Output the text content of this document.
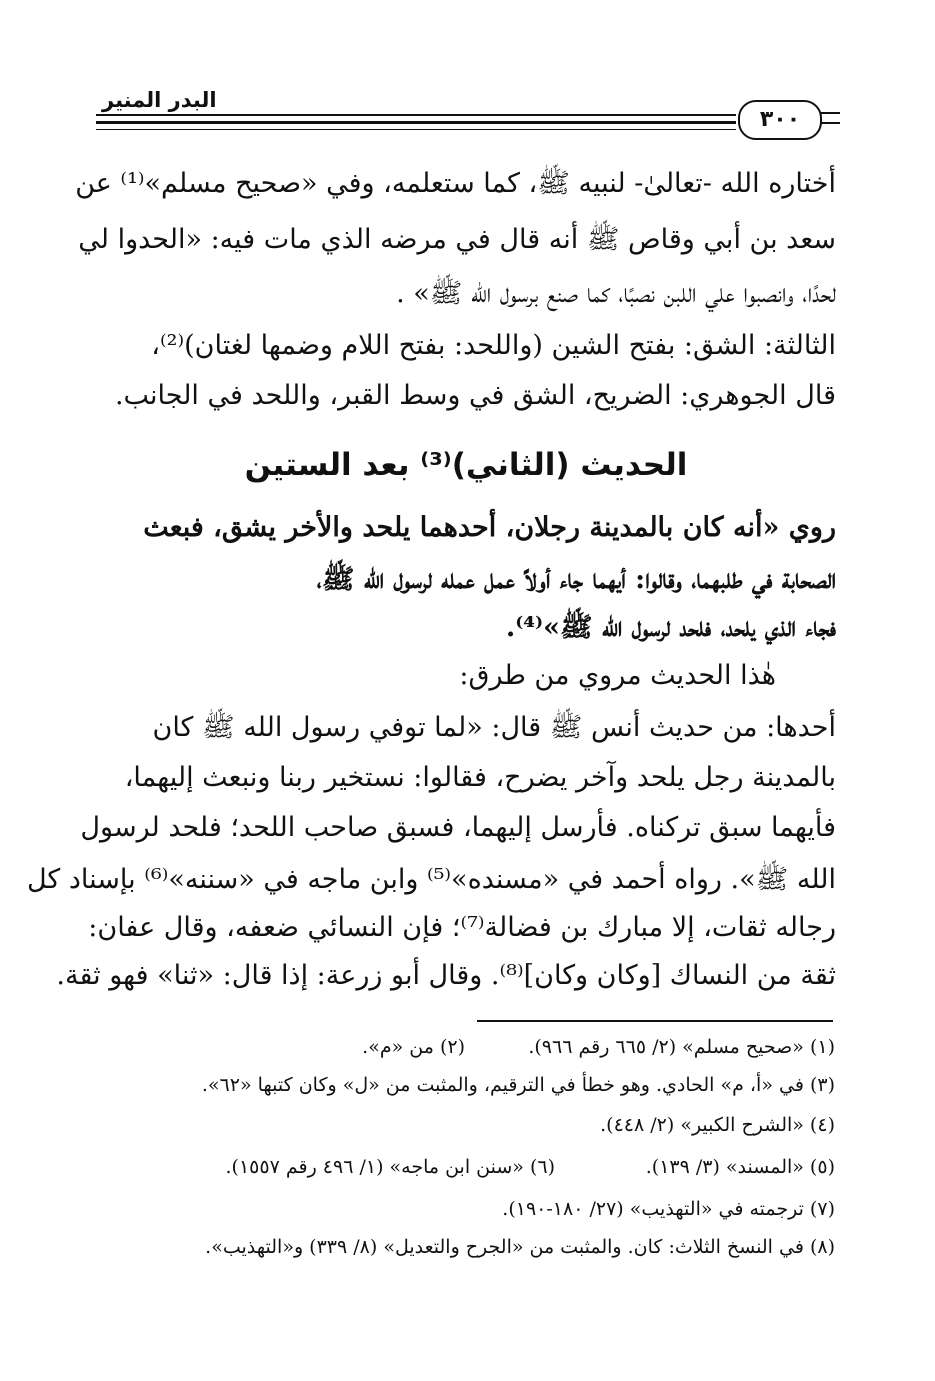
البدر المنير
٣٠٠
أختاره الله -تعالىٰ- لنبيه ﷺ، كما ستعلمه، وفي «صحيح مسلم»⁽¹⁾ عن
سعد بن أبي وقاص ﷺ أنه قال في مرضه الذي مات فيه: «الحدوا لي
لحدًا، وانصبوا علي اللبن نصبًا، كما صنع برسول الله ﷺ» .
الثالثة: الشق: بفتح الشين (واللحد: بفتح اللام وضمها لغتان)⁽²⁾،
قال الجوهري: الضريح، الشق في وسط القبر، واللحد في الجانب.
الحديث (الثاني)⁽³⁾ بعد الستين
روي «أنه كان بالمدينة رجلان، أحدهما يلحد والأخر يشق، فبعث
الصحابة في طلبهما، وقالوا: أيهما جاء أولاً عمل عمله لرسول الله ﷺ،
فجاء الذي يلحد، فلحد لرسول الله ﷺ»⁽⁴⁾.
هٰذا الحديث مروي من طرق:
أحدها: من حديث أنس ﷺ قال: «لما توفي رسول الله ﷺ كان
بالمدينة رجل يلحد وآخر يضرح، فقالوا: نستخير ربنا ونبعث إليهما،
فأيهما سبق تركناه. فأرسل إليهما، فسبق صاحب اللحد؛ فلحد لرسول
الله ﷺ». رواه أحمد في «مسنده»⁽⁵⁾ وابن ماجه في «سننه»⁽⁶⁾ بإسناد كل
رجاله ثقات، إلا مبارك بن فضالة⁽⁷⁾؛ فإن النسائي ضعفه، وقال عفان:
ثقة من النساك [وكان وكان]⁽⁸⁾. وقال أبو زرعة: إذا قال: «ثنا» فهو ثقة.
(١) «صحيح مسلم» (٢/ ٦٦٥ رقم ٩٦٦).
(٢) من «م».
(٣) في «أ، م» الحادي. وهو خطأ في الترقيم، والمثبت من «ل» وكان كتبها «٦٢».
(٤) «الشرح الكبير» (٢/ ٤٤٨).
(٥) «المسند» (٣/ ١٣٩).
(٦) «سنن ابن ماجه» (١/ ٤٩٦ رقم ١٥٥٧).
(٧) ترجمته في «التهذيب» (٢٧/ ١٨٠-١٩٠).
(٨) في النسخ الثلاث: كان. والمثبت من «الجرح والتعديل» (٨/ ٣٣٩) و«التهذيب».
